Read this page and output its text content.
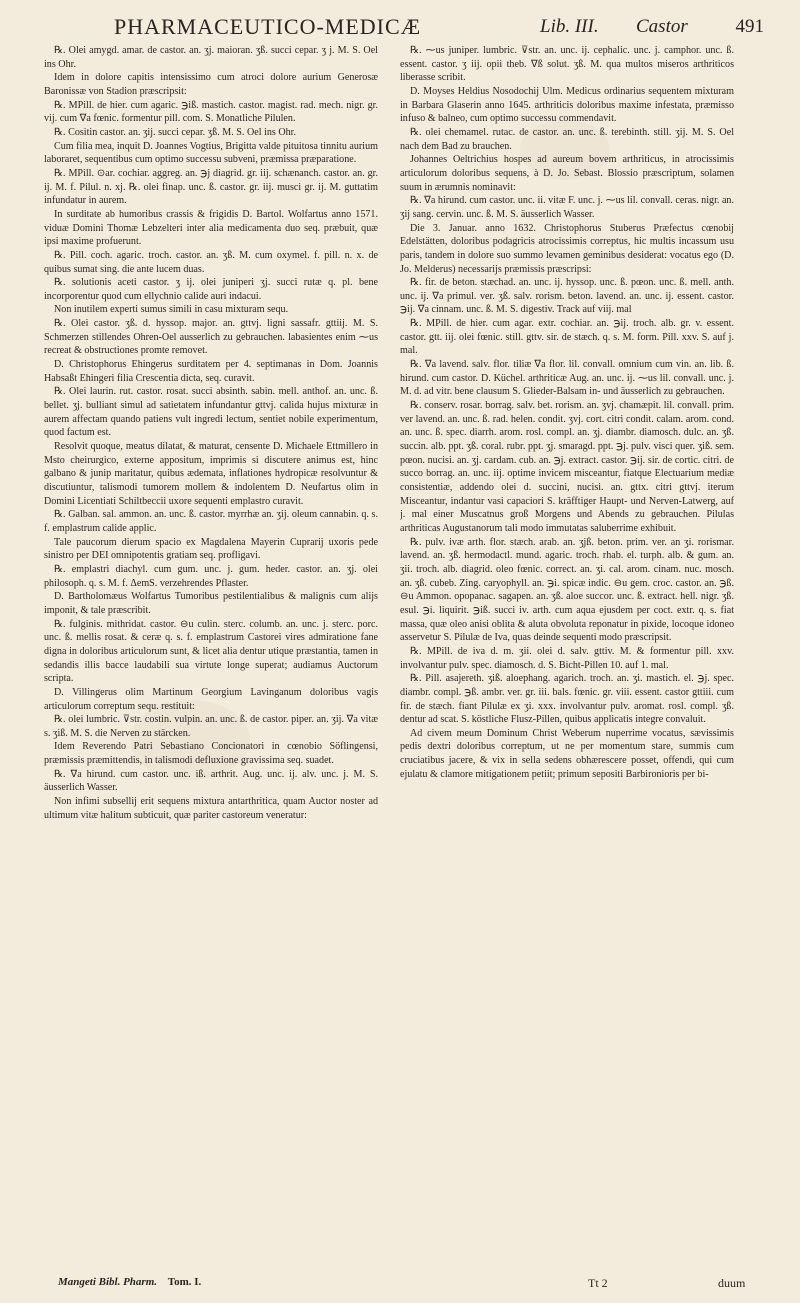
PHARMACEUTICO-MEDICÆ	Lib. III. Castor	491

℞. Olei amygd. amar. de castor. an. ʒj. maioran. ʒß. succi cepar. ʒ j. M. S. Oel ins Ohr.

Idem in dolore capitis intensissimo cum atroci dolore aurium Generosæ Baronissæ von Stadion præscripsit:

℞. MPill. de hier. cum agaric. ℈iß. mastich. castor. magist. rad. mech. nigr. gr. vij. cum ∇a fœnic. formentur pill. com. S. Monatliche Pilulen.

℞. Cositin castor. an. ʒij. succi cepar. ʒß. M. S. Oel ins Ohr.

Cum filia mea, inquit D. Joannes Vogtius, Brigitta valde pituitosa tinnitu aurium laboraret, sequentibus cum optimo successu subveni, præmissa præparatione.

℞. MPill. ⊙ar. cochiar. aggreg. an. ℈j diagrid. gr. iij. schænanch. castor. an. gr. ij. M. f. Pilul. n. xj. ℞. olei finap. unc. ß. castor. gr. iij. musci gr. ij. M. guttatim infundatur in aurem.

In surditate ab humoribus crassis & frigidis D. Bartol. Wolfartus anno 1571. viduæ Domini Thomæ Lebzelteri inter alia medicamenta duo seq. præbuit, quæ ipsi maxime profuerunt.

℞. Pill. coch. agaric. troch. castor. an. ʒß. M. cum oxymel. f. pill. n. x. de quibus sumat sing. die ante lucem duas.

℞. solutionis aceti castor. ʒ ij. olei juniperi ʒj. succi rutæ q. pl. bene incorporentur quod cum ellychnio calide auri indacui.

Non inutilem experti sumus simili in casu mixturam sequ.

℞. Olei castor. ʒß. d. hyssop. major. an. gttvj. ligni sassafr. gttiij. M. S. Schmerzen stillendes Ohren-Oel ausserlich zu gebrauchen. labasientes enim ⁓us recreat & obstructiones promte removet.

D. Christophorus Ehingerus surditatem per 4. septimanas in Dom. Joannis Habsaßt Ehingeri filia Crescentia dicta, seq. curavit.

℞. Olei laurin. rut. castor. rosat. succi absinth. sabin. mell. anthof. an. unc. ß. bellet. ʒj. bulliant simul ad satietatem infundantur gttvj. calida hujus mixturæ in aurem affectam quando patiens vult ingredi lectum, sentiet nobile experimentum, quod factum est.

Resolvit quoque, meatus dilatat, & maturat, censente D. Michaele Ettmillero in Msto cheirurgico, externe appositum, imprimis si discutere animus est, hinc galbano & junip maritatur, quibus ædemata, inflationes hydropicæ resolvuntur & discutiuntur, talismodi tumorem mollem & indolentem D. Neufartus olim in Domini Licentiati Schiltbeccii uxore sequenti emplastro curavit.

℞. Galban. sal. ammon. an. unc. ß. castor. myrrhæ an. ʒij. oleum cannabin. q. s. f. emplastrum calide applic.

Tale paucorum dierum spacio ex Magdalena Mayerin Cuprarij uxoris pede sinistro per DEI omnipotentis gratiam seq. profligavi.

℞. emplastri diachyl. cum gum. unc. j. gum. heder. castor. an. ʒj. olei philosoph. q. s. M. f. ΔemS. verzehrendes Pflaster.

D. Bartholomæus Wolfartus Tumoribus pestilentialibus & malignis cum alijs imponit, & tale præscribit.

℞. fulginis. mithridat. castor. ⊖u culin. sterc. columb. an. unc. j. sterc. porc. unc. ß. mellis rosat. & ceræ q. s. f. emplastrum Castorei vires admiratione fane digna in doloribus articulorum sunt, & licet alia dentur utique præstantia, tamen in sedandis illis bacce laudabili sua virtute longe superat; audiamus Auctorum scripta.

D. Villingerus olim Martinum Georgium Lavinganum doloribus vagis articulorum correptum sequ. restituit:

℞. olei lumbric. ⊽str. costin. vulpin. an. unc. ß. de castor. piper. an. ʒij. ∇a vitæ s. ʒiß. M. S. die Nerven zu stärcken.

Idem Reverendo Patri Sebastiano Concionatori in cœnobio Söflingensi, præmissis præmittendis, in talismodi defluxione gravissima seq. suadet.

℞. ∇a hirund. cum castor. unc. iß. arthrit. Aug. unc. ij. alv. unc. j. M. S. äusserlich Wasser.

Non infimi subsellij erit sequens mixtura antarthritica, quam Auctor noster ad ultimum vitæ halitum subticuit, quæ pariter castoreum veneratur:

℞. ⁓us juniper. lumbric. ⊽str. an. unc. ij. cephalic. unc. j. camphor. unc. ß. essent. castor. ʒ iij. opii theb. ∇ß solut. ʒß. M. qua multos miseros arthriticos liberasse scribit.

D. Moyses Heldius Nosodochij Ulm. Medicus ordinarius sequentem mixturam in Barbara Glaserin anno 1645. arthriticis doloribus maxime infestata, præmisso infuso & balneo, cum optimo successu commendavit.

℞. olei chemamel. rutac. de castor. an. unc. ß. terebinth. still. ʒij. M. S. Oel nach dem Bad zu brauchen.

Johannes Oeltrichius hospes ad aureum bovem arthriticus, in atrocissimis articulorum doloribus sequens, à D. Jo. Sebast. Blossio præscriptum, solamen suum in ærumnis nominavit:

℞. ∇a hirund. cum castor. unc. ii. vitæ F. unc. j. ⁓us lil. convall. ceras. nigr. an. ʒij sang. cervin. unc. ß. M. S. äusserlich Wasser.

Die 3. Januar. anno 1632. Christophorus Stuberus Præfectus cœnobij Edelstätten, doloribus podagricis atrocissimis correptus, hic multis incassum usu paris, tandem in dolore suo summo levamen geminibus desiderat: vocatus ego (D. Jo. Melderus) necessarijs præmissis præscripsi:

℞. fir. de beton. stæchad. an. unc. ij. hyssop. unc. ß. pœon. unc. ß. mell. anth. unc. ij. ∇a primul. ver. ʒß. salv. rorism. beton. lavend. an. unc. ij. essent. castor. ℈ij. ∇a cinnam. unc. ß. M. S. digestiv. Track auf viij. mal

℞. MPill. de hier. cum agar. extr. cochiar. an. ℈ij. troch. alb. gr. v. essent. castor. gtt. iij. olei fœnic. still. gttv. sir. de stæch. q. s. M. form. Pill. xxv. S. auf j. mal.

℞. ∇a lavend. salv. flor. tiliæ ∇a flor. lil. convall. omnium cum vin. an. lib. ß. hirund. cum castor. D. Küchel. arthriticæ Aug. an. unc. ij. ⁓us lil. convall. unc. j. M. d. ad vitr. bene clausum S. Glieder-Balsam in- und äusserlich zu gebrauchen.

℞. conserv. rosar. borrag. salv. bet. rorism. an. ʒvj. chamæpit. lil. convall. prim. ver lavend. an. unc. ß. rad. helen. condit. ʒvj. cort. citri condit. calam. arom. cond. an. unc. ß. spec. diarrh. arom. rosl. compl. an. ʒj. diambr. diamosch. dulc. an. ʒß. succin. alb. ppt. ʒß. coral. rubr. ppt. ʒj. smaragd. ppt. ℈j. pulv. visci quer. ʒiß. sem. pœon. nucisi. an. ʒj. cardam. cub. an. ℈j. extract. castor. ℈ij. sir. de cortic. citri. de succo borrag. an. unc. iij. optime invicem misceantur, fiatque Electuarium mediæ consistentiæ, addendo olei d. succini, nucisi. an. gttx. citri gttvj. iterum Misceantur, indantur vasi capaciori S. kräfftiger Haupt- und Nerven-Latwerg, auf j. mal einer Muscatnus groß Morgens und Abends zu gebrauchen. Pilulas arthriticas Augustanorum tali modo immutatas saluberrime exhibuit.

℞. pulv. ivæ arth. flor. stæch. arab. an. ʒjß. beton. prim. ver. an ʒi. rorismar. lavend. an. ʒß. hermodactl. mund. agaric. troch. rhab. el. turph. alb. & gum. an. ʒii. troch. alb. diagrid. oleo fœnic. correct. an. ʒi. cal. arom. cinam. nuc. mosch. an. ʒß. cubeb. Zing. caryophyll. an. ℈i. spicæ indic. ⊖u gem. croc. castor. an. ℈ß. ⊖u Ammon. opopanac. sagapen. an. ʒß. aloe succor. unc. ß. extract. hell. nigr. ʒß. esul. ℈i. liquirit. ℈iß. succi iv. arth. cum aqua ejusdem per coct. extr. q. s. fiat massa, quæ oleo anisi oblita & aluta obvoluta reponatur in pixide, locoque idoneo asservetur S. Pilulæ de Iva, quas deinde sequenti modo præscripsit.

℞. MPill. de iva d. m. ʒii. olei d. salv. gttiv. M. & formentur pill. xxv. involvantur pulv. spec. diamosch. d. S. Bicht-Pillen 10. auf 1. mal.

℞. Pill. asajereth. ʒiß. aloephang. agarich. troch. an. ʒi. mastich. el. ℈j. spec. diambr. compl. ℈ß. ambr. ver. gr. iii. bals. fœnic. gr. viii. essent. castor gttiii. cum fir. de stæch. fiant Pilulæ ex ʒi. xxx. involvantur pulv. aromat. rosl. compl. ʒß. dentur ad scat. S. köstliche Flusz-Pillen, quibus applicatis integre convaluit.

Ad civem meum Dominum Christ Weberum nuperrime vocatus, sævissimis pedis dextri doloribus correptum, ut ne per momentum stare, summis cum cruciatibus jacere, & vix in sella sedens obhærescere posset, offendi, qui cum ejulatu & clamore mitigationem petiit; primum sepositi Barbironioris per bi-

Mangeti Bibl. Pharm. Tom. I.	Tt 2	duum
